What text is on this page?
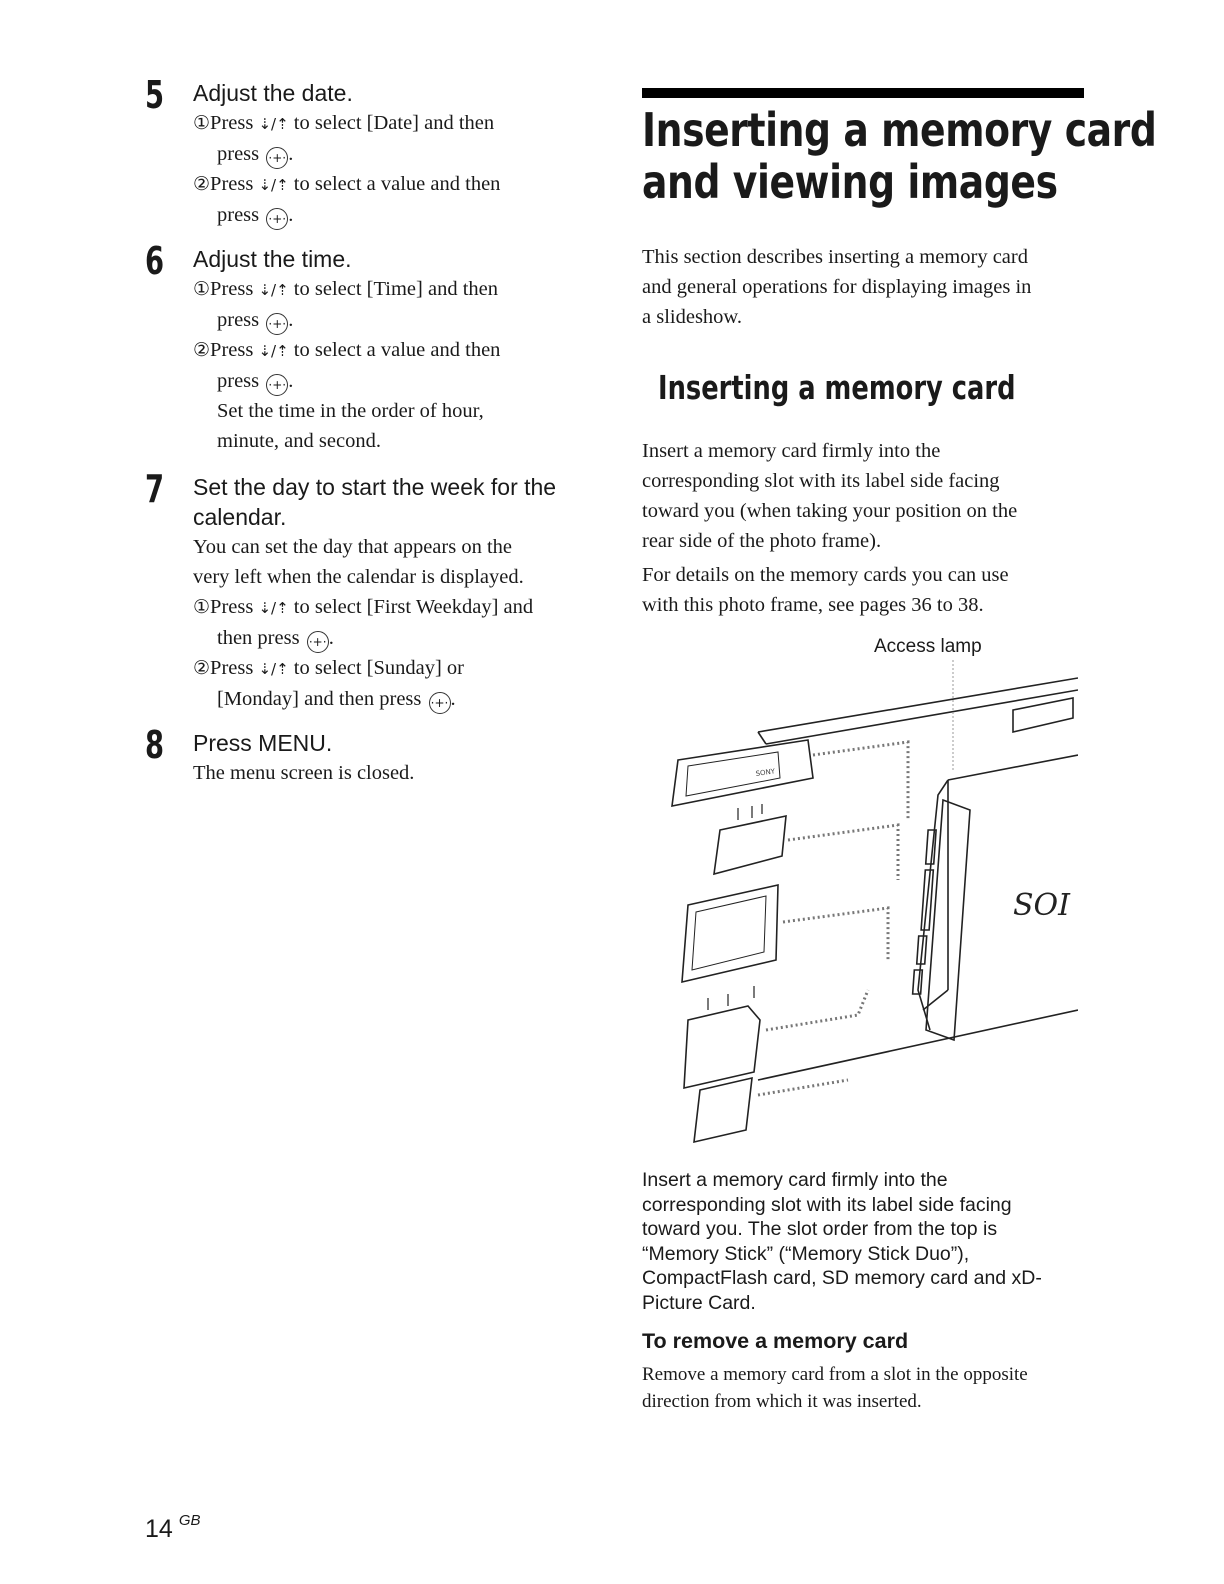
5 Adjust the date.

①Press ⇣/⇡ to select [Date] and then

press ·+· .

②Press ⇣/⇡ to select a value and then

press ·+· .

6 Adjust the time.

①Press ⇣/⇡ to select [Time] and then

press ·+· .

②Press ⇣/⇡ to select a value and then

press ·+· .

Set the time in the order of hour,

minute, and second.

7 Set the day to start the week for the

calendar.

You can set the day that appears on the

very left when the calendar is displayed.

①Press ⇣/⇡ to select [First Weekday] and

then press ·+· .

②Press ⇣/⇡ to select [Sunday] or

[Monday] and then press ·+· .

8 Press MENU.

The menu screen is closed.

Inserting a memory card

and viewing images

This section describes inserting a memory card

and general operations for displaying images in

a slideshow.

Inserting a memory card

Insert a memory card firmly into the

corresponding slot with its label side facing

toward you (when taking your position on the

rear side of the photo frame).

For details on the memory cards you can use

with this photo frame, see pages 36 to 38.

Access lamp
SOI
SONY

Insert a memory card firmly into the

corresponding slot with its label side facing

toward you. The slot order from the top is

“Memory Stick” (“Memory Stick Duo”),

CompactFlash card, SD memory card and xD-

Picture Card.

To remove a memory card

Remove a memory card from a slot in the opposite

direction from which it was inserted.

14 $^{GB}$
